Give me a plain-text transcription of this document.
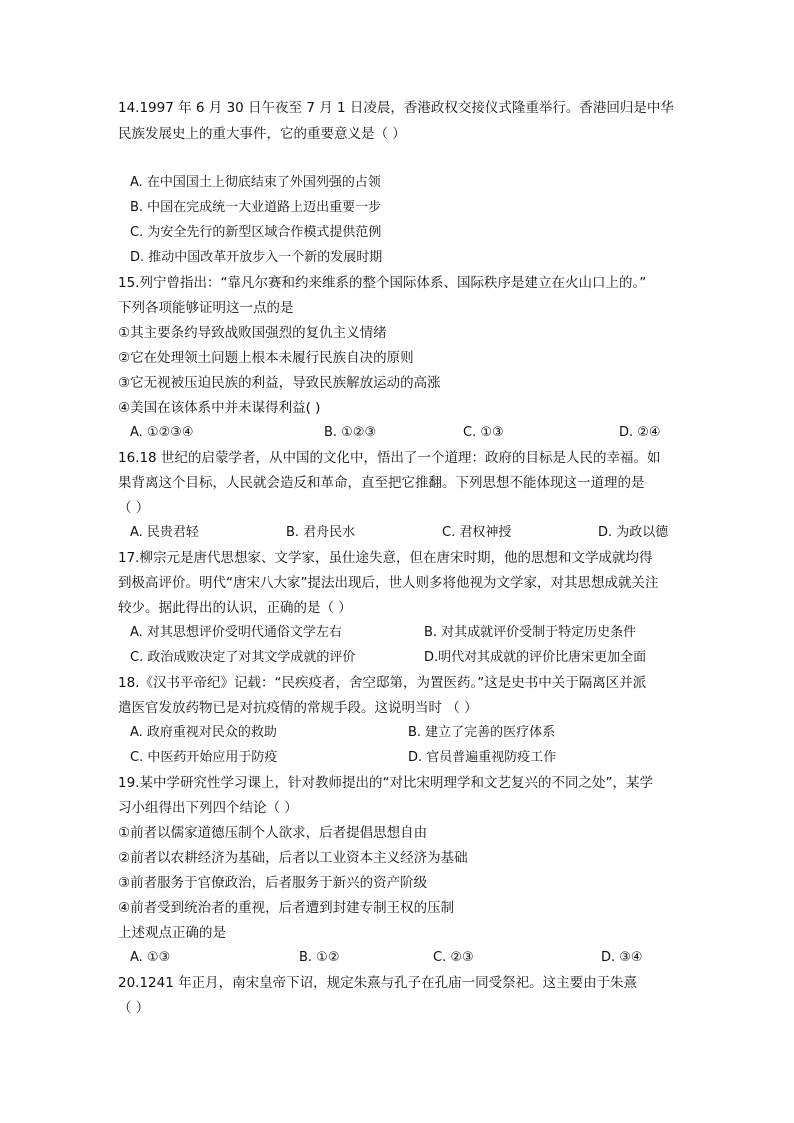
14.1997 年 6 月 30 日午夜至 7 月 1 日凌晨，香港政权交接仪式隆重举行。香港回归是中华
民族发展史上的重大事件，它的重要意义是（ ）
A. 在中国国土上彻底结束了外国列强的占领
B. 中国在完成统一大业道路上迈出重要一步
C. 为安全先行的新型区域合作模式提供范例
D. 推动中国改革开放步入一个新的发展时期
15.列宁曾指出：“靠凡尔赛和约来维系的整个国际体系、国际秩序是建立在火山口上的。”
下列各项能够证明这一点的是
①其主要条约导致战败国强烈的复仇主义情绪
②它在处理领土问题上根本未履行民族自决的原则
③它无视被压迫民族的利益，导致民族解放运动的高涨
④美国在该体系中并未谋得利益( )
A. ①②③④	B. ①②③	C. ①③	D. ②④
16.18 世纪的启蒙学者，从中国的文化中，悟出了一个道理：政府的目标是人民的幸福。如
果背离这个目标，人民就会造反和革命，直至把它推翻。下列思想不能体现这一道理的是
（ ）
A. 民贵君轻	B. 君舟民水	C. 君权神授	D. 为政以德
17.柳宗元是唐代思想家、文学家，虽仕途失意，但在唐宋时期，他的思想和文学成就均得
到极高评价。明代“唐宋八大家”提法出现后，世人则多将他视为文学家，对其思想成就关注
较少。据此得出的认识，正确的是（ ）
A. 对其思想评价受明代通俗文学左右	B. 对其成就评价受制于特定历史条件
C. 政治成败决定了对其文学成就的评价	D.明代对其成就的评价比唐宋更加全面
18.《汉书平帝纪》记载：“民疾疫者，舍空邸第，为置医药。”这是史书中关于隔离区并派
遣医官发放药物已是对抗疫情的常规手段。这说明当时 （ ）
A. 政府重视对民众的救助	B. 建立了完善的医疗体系
C. 中医药开始应用于防疫	D. 官员普遍重视防疫工作
19.某中学研究性学习课上，针对教师提出的“对比宋明理学和文艺复兴的不同之处”，某学
习小组得出下列四个结论（ ）
①前者以儒家道德压制个人欲求，后者提倡思想自由
②前者以农耕经济为基础，后者以工业资本主义经济为基础
③前者服务于官僚政治，后者服务于新兴的资产阶级
④前者受到统治者的重视，后者遭到封建专制王权的压制
上述观点正确的是
A. ①③	B. ①②	C. ②③	D. ③④
20.1241 年正月，南宋皇帝下诏，规定朱熹与孔子在孔庙一同受祭祀。这主要由于朱熹
（ ）
